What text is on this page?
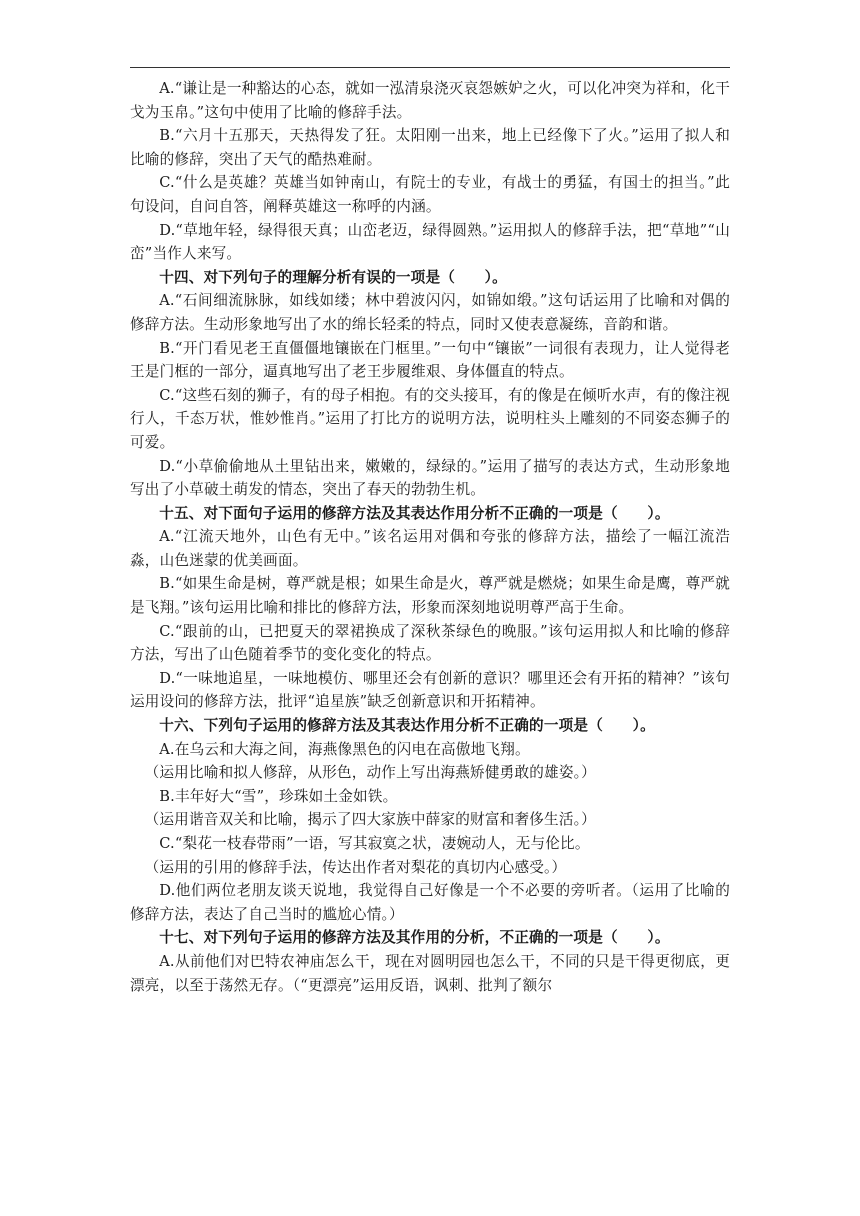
A.“谦让是一种豁达的心态，就如一泓清泉浇灭哀怨嫉妒之火，可以化冲突为祥和，化干戈为玉帛。”这句中使用了比喻的修辞手法。

B.“六月十五那天，天热得发了狂。太阳刚一出来，地上已经像下了火。”运用了拟人和比喻的修辞，突出了天气的酷热难耐。

C.“什么是英雄？英雄当如钟南山，有院士的专业，有战士的勇猛，有国士的担当。”此句设问，自问自答，阐释英雄这一称呼的内涵。

D.“草地年轻，绿得很天真；山峦老迈，绿得圆熟。”运用拟人的修辞手法，把“草地”“山峦”当作人来写。

十四、对下列句子的理解分析有误的一项是（　　）。

A.“石间细流脉脉，如线如缕；林中碧波闪闪，如锦如缎。”这句话运用了比喻和对偶的修辞方法。生动形象地写出了水的绵长轻柔的特点，同时又使表意凝练，音韵和谐。

B.“开门看见老王直僵僵地镶嵌在门框里。”一句中“镶嵌”一词很有表现力，让人觉得老王是门框的一部分，逼真地写出了老王步履维艰、身体僵直的特点。

C.“这些石刻的狮子，有的母子相抱。有的交头接耳，有的像是在倾听水声，有的像注视行人，千态万状，惟妙惟肖。”运用了打比方的说明方法，说明柱头上雕刻的不同姿态狮子的可爱。

D.“小草偷偷地从土里钻出来，嫩嫩的，绿绿的。”运用了描写的表达方式，生动形象地写出了小草破土萌发的情态，突出了春天的勃勃生机。

十五、对下面句子运用的修辞方法及其表达作用分析不正确的一项是（　　）。

A.“江流天地外，山色有无中。”该名运用对偶和夸张的修辞方法，描绘了一幅江流浩淼，山色迷蒙的优美画面。

B.“如果生命是树，尊严就是根；如果生命是火，尊严就是燃烧；如果生命是鹰，尊严就是飞翔。”该句运用比喻和排比的修辞方法，形象而深刻地说明尊严高于生命。

C.“跟前的山，已把夏天的翠裙换成了深秋茶绿色的晚服。”该句运用拟人和比喻的修辞方法，写出了山色随着季节的变化变化的特点。

D.“一味地追星，一味地模仿、哪里还会有创新的意识？哪里还会有开拓的精神？”该句运用设问的修辞方法，批评“追星族”缺乏创新意识和开拓精神。

十六、下列句子运用的修辞方法及其表达作用分析不正确的一项是（　　）。

A.在乌云和大海之间，海燕像黑色的闪电在高傲地飞翔。

（运用比喻和拟人修辞，从形色，动作上写出海燕矫健勇敢的雄姿。）

B.丰年好大“雪”，珍珠如土金如铁。

（运用谐音双关和比喻，揭示了四大家族中薛家的财富和奢侈生活。）

C.“梨花一枝春带雨”一语，写其寂寞之状，凄婉动人，无与伦比。

（运用的引用的修辞手法，传达出作者对梨花的真切内心感受。）

D.他们两位老朋友谈天说地，我觉得自己好像是一个不必要的旁听者。（运用了比喻的修辞方法，表达了自己当时的尴尬心情。）

十七、对下列句子运用的修辞方法及其作用的分析，不正确的一项是（　　）。

A.从前他们对巴特农神庙怎么干，现在对圆明园也怎么干，不同的只是干得更彻底，更漂亮，以至于荡然无存。（“更漂亮”运用反语，讽刺、批判了额尔
